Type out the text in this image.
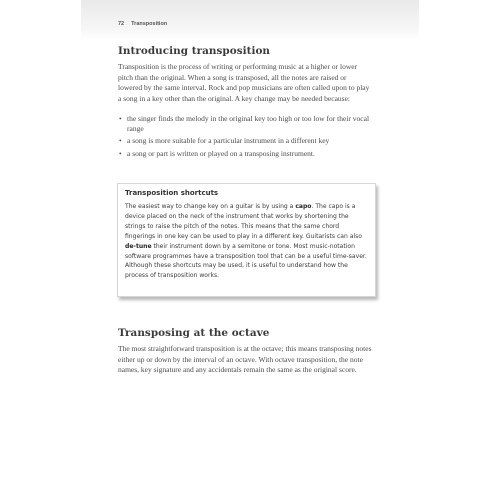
72 Transposition
Introducing transposition

Transposition is the process of writing or performing music at a higher or lower pitch than the original. When a song is transposed, all the notes are raised or lowered by the same interval. Rock and pop musicians are often called upon to play a song in a key other than the original. A key change may be needed because:

• the singer finds the melody in the original key too high or too low for their vocal range
• a song is more suitable for a particular instrument in a different key
• a song or part is written or played on a transposing instrument.
Transposition shortcuts

The easiest way to change key on a guitar is by using a capo. The capo is a device placed on the neck of the instrument that works by shortening the strings to raise the pitch of the notes. This means that the same chord fingerings in one key can be used to play in a different key. Guitarists can also de-tune their instrument down by a semitone or tone. Most music-notation software programmes have a transposition tool that can be a useful time-saver. Although these shortcuts may be used, it is useful to understand how the process of transposition works.

Transposing at the octave

The most straightforward transposition is at the octave; this means transposing notes either up or down by the interval of an octave. With octave transposition, the note names, key signature and any accidentals remain the same as the original score.
